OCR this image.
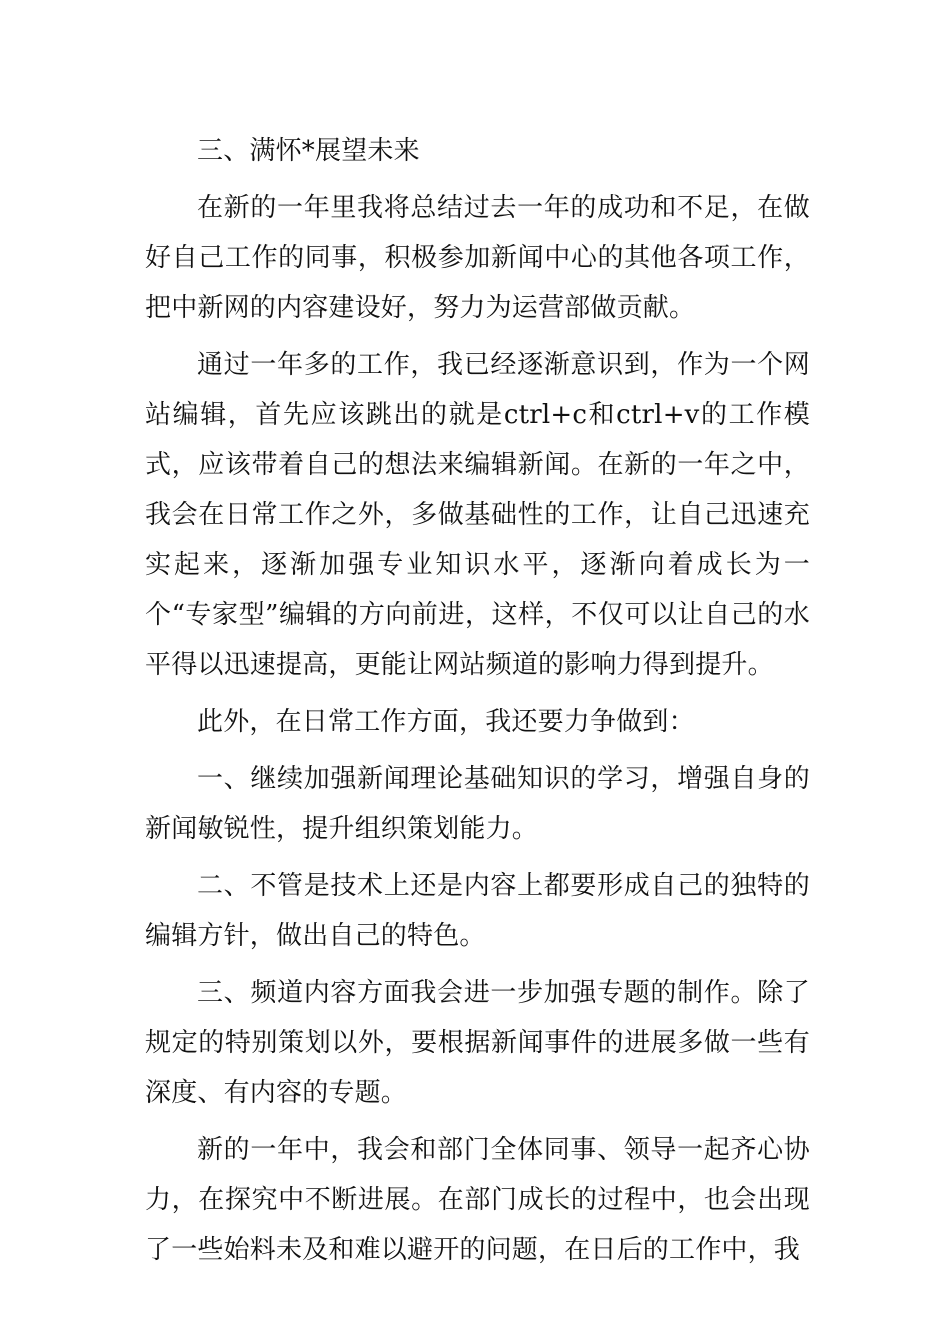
三、满怀*展望未来

在新的一年里我将总结过去一年的成功和不足，在做好自己工作的同事，积极参加新闻中心的其他各项工作，把中新网的内容建设好，努力为运营部做贡献。

通过一年多的工作，我已经逐渐意识到，作为一个网站编辑，首先应该跳出的就是ctrl+c和ctrl+v的工作模式，应该带着自己的想法来编辑新闻。在新的一年之中，我会在日常工作之外，多做基础性的工作，让自己迅速充实起来，逐渐加强专业知识水平，逐渐向着成长为一个“专家型”编辑的方向前进，这样，不仅可以让自己的水平得以迅速提高，更能让网站频道的影响力得到提升。

此外，在日常工作方面，我还要力争做到：

一、继续加强新闻理论基础知识的学习，增强自身的新闻敏锐性，提升组织策划能力。

二、不管是技术上还是内容上都要形成自己的独特的编辑方针，做出自己的特色。

三、频道内容方面我会进一步加强专题的制作。除了规定的特别策划以外，要根据新闻事件的进展多做一些有深度、有内容的专题。

新的一年中，我会和部门全体同事、领导一起齐心协力，在探究中不断进展。在部门成长的过程中，也会出现了一些始料未及和难以避开的问题，在日后的工作中，我
